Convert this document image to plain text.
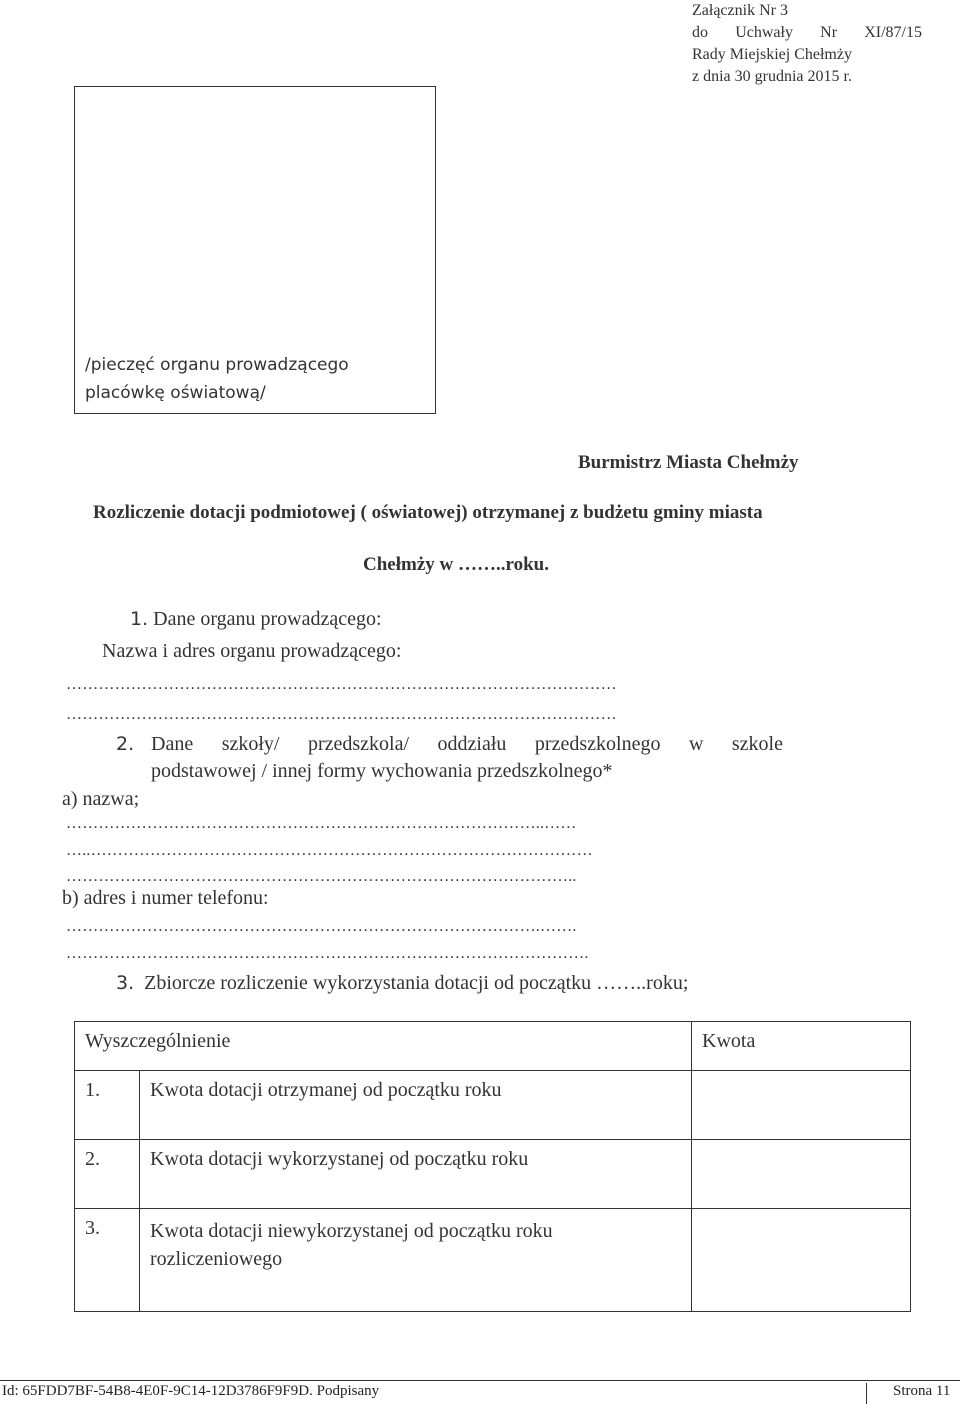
Załącznik Nr 3
do Uchwały Nr XI/87/15
Rady Miejskiej Chełmży
z dnia 30 grudnia 2015 r.
/pieczęć organu prowadzącego placówkę oświatową/
Burmistrz Miasta Chełmży
Rozliczenie dotacji podmiotowej ( oświatowej) otrzymanej z budżetu gminy miasta
Chełmży w ……..roku.
1. Dane organu prowadzącego:
Nazwa i adres organu prowadzącego:
…………………………………………………………………………………………
…………………………………………………………………………………………
2. Dane szkoły/ przedszkola/ oddziału przedszkolnego w szkole
podstawowej / innej formy wychowania przedszkolnego*
a) nazwa;
……………………………………………………………………………..……
…..…………………………………………………………………………………
…………………………………………………………………………………..
b) adres i numer telefonu:
…………………………………………………………………………….…….
…………………………………………………………………………………….
3. Zbiorcze rozliczenie wykorzystania dotacji od początku ……..roku;
Wyszczególnienie		Kwota

1.	Kwota dotacji otrzymanej od początku roku	

2.	Kwota dotacji wykorzystanej od początku roku	

3.	Kwota dotacji niewykorzystanej od początku roku rozliczeniowego	

Id: 65FDD7BF-54B8-4E0F-9C14-12D3786F9F9D. Podpisany	Strona 11
